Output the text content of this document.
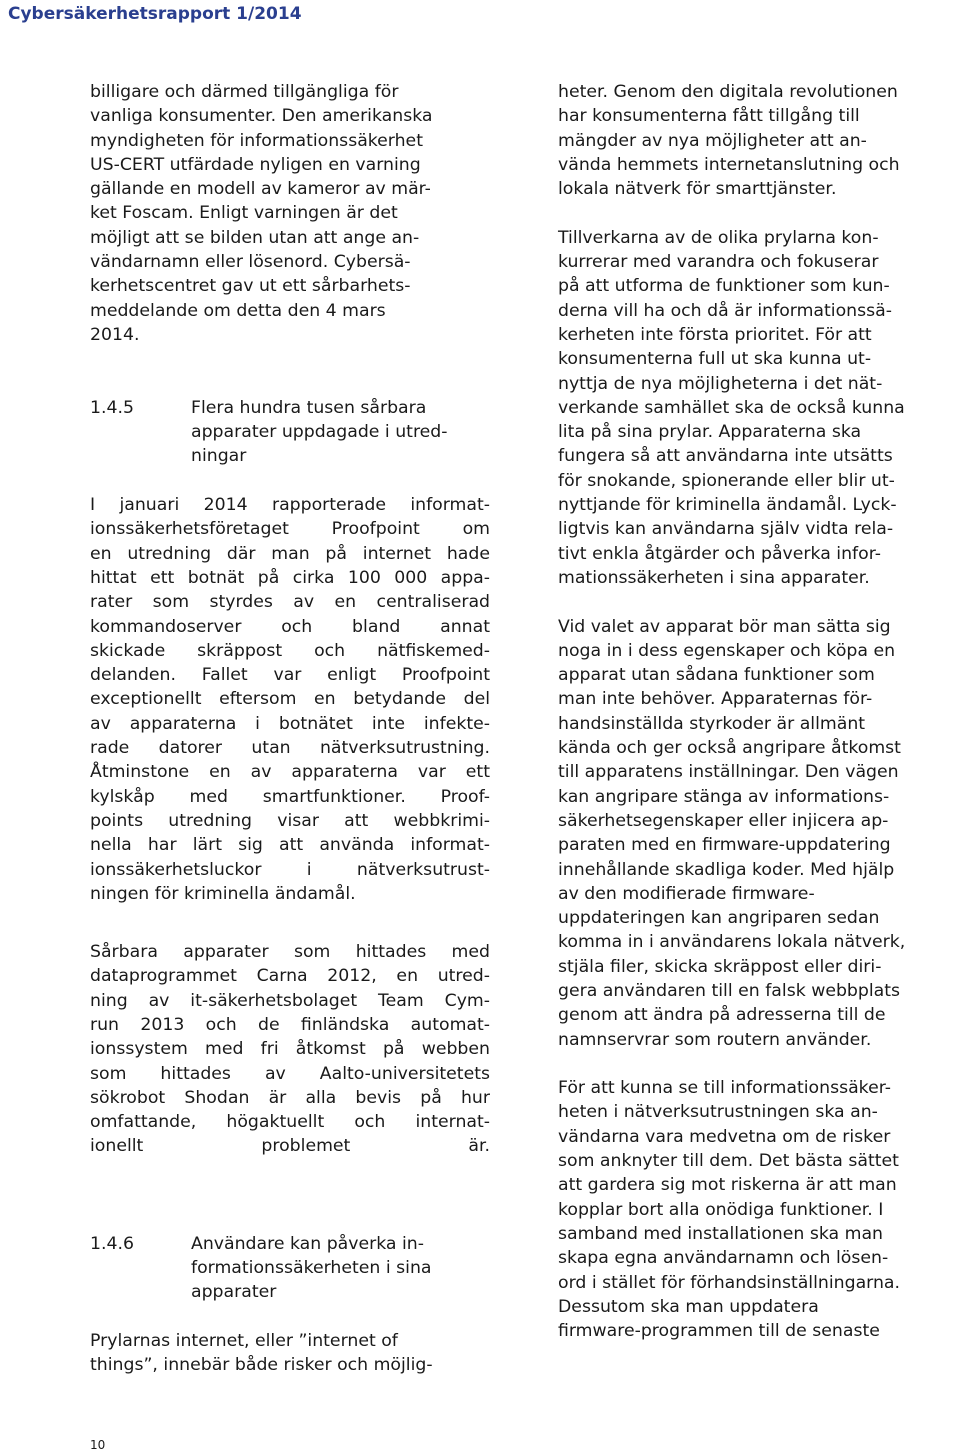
Cybersäkerhetsrapport 1/2014
billigare och därmed tillgängliga för
vanliga konsumenter. Den amerikanska
myndigheten för informationssäkerhet
US-CERT utfärdade nyligen en varning
gällande en modell av kameror av mär-
ket Foscam. Enligt varningen är det
möjligt att se bilden utan att ange an-
vändarnamn eller lösenord. Cybersä-
kerhetscentret gav ut ett sårbarhets-
meddelande om detta den 4 mars
2014.
1.4.5	Flera hundra tusen sårbara
apparater uppdagade i utred-
ningar
I januari 2014 rapporterade informat-
ionssäkerhetsföretaget Proofpoint om
en utredning där man på internet hade
hittat ett botnät på cirka 100 000 appa-
rater som styrdes av en centraliserad
kommandoserver och bland annat
skickade skräppost och nätfiskemed-
delanden. Fallet var enligt Proofpoint
exceptionellt eftersom en betydande del
av apparaterna i botnätet inte infekte-
rade datorer utan nätverksutrustning.
Åtminstone en av apparaterna var ett
kylskåp med smartfunktioner. Proof-
points utredning visar att webbkrimi-
nella har lärt sig att använda informat-
ionssäkerhetsluckor i nätverksutrust-
ningen för kriminella ändamål.
Sårbara apparater som hittades med
dataprogrammet Carna 2012, en utred-
ning av it-säkerhetsbolaget Team Cym-
run 2013 och de finländska automat-
ionssystem med fri åtkomst på webben
som hittades av Aalto-universitetets
sökrobot Shodan är alla bevis på hur
omfattande, högaktuellt och internat-
ionellt problemet är.
1.4.6	Användare kan påverka in-
formationssäkerheten i sina
apparater
Prylarnas internet, eller ”internet of
things”, innebär både risker och möjlig-
heter. Genom den digitala revolutionen
har konsumenterna fått tillgång till
mängder av nya möjligheter att an-
vända hemmets internetanslutning och
lokala nätverk för smarttjänster.
Tillverkarna av de olika prylarna kon-
kurrerar med varandra och fokuserar
på att utforma de funktioner som kun-
derna vill ha och då är informationssä-
kerheten inte första prioritet. För att
konsumenterna full ut ska kunna ut-
nyttja de nya möjligheterna i det nät-
verkande samhället ska de också kunna
lita på sina prylar. Apparaterna ska
fungera så att användarna inte utsätts
för snokande, spionerande eller blir ut-
nyttjande för kriminella ändamål. Lyck-
ligtvis kan användarna själv vidta rela-
tivt enkla åtgärder och påverka infor-
mationssäkerheten i sina apparater.
Vid valet av apparat bör man sätta sig
noga in i dess egenskaper och köpa en
apparat utan sådana funktioner som
man inte behöver. Apparaternas för-
handsinställda styrkoder är allmänt
kända och ger också angripare åtkomst
till apparatens inställningar. Den vägen
kan angripare stänga av informations-
säkerhetsegenskaper eller injicera ap-
paraten med en firmware-uppdatering
innehållande skadliga koder. Med hjälp
av den modifierade firmware-
uppdateringen kan angriparen sedan
komma in i användarens lokala nätverk,
stjäla filer, skicka skräppost eller diri-
gera användaren till en falsk webbplats
genom att ändra på adresserna till de
namnservrar som routern använder.
För att kunna se till informationssäker-
heten i nätverksutrustningen ska an-
vändarna vara medvetna om de risker
som anknyter till dem. Det bästa sättet
att gardera sig mot riskerna är att man
kopplar bort alla onödiga funktioner. I
samband med installationen ska man
skapa egna användarnamn och lösen-
ord i stället för förhandsinställningarna.
Dessutom ska man uppdatera
firmware-programmen till de senaste
10
